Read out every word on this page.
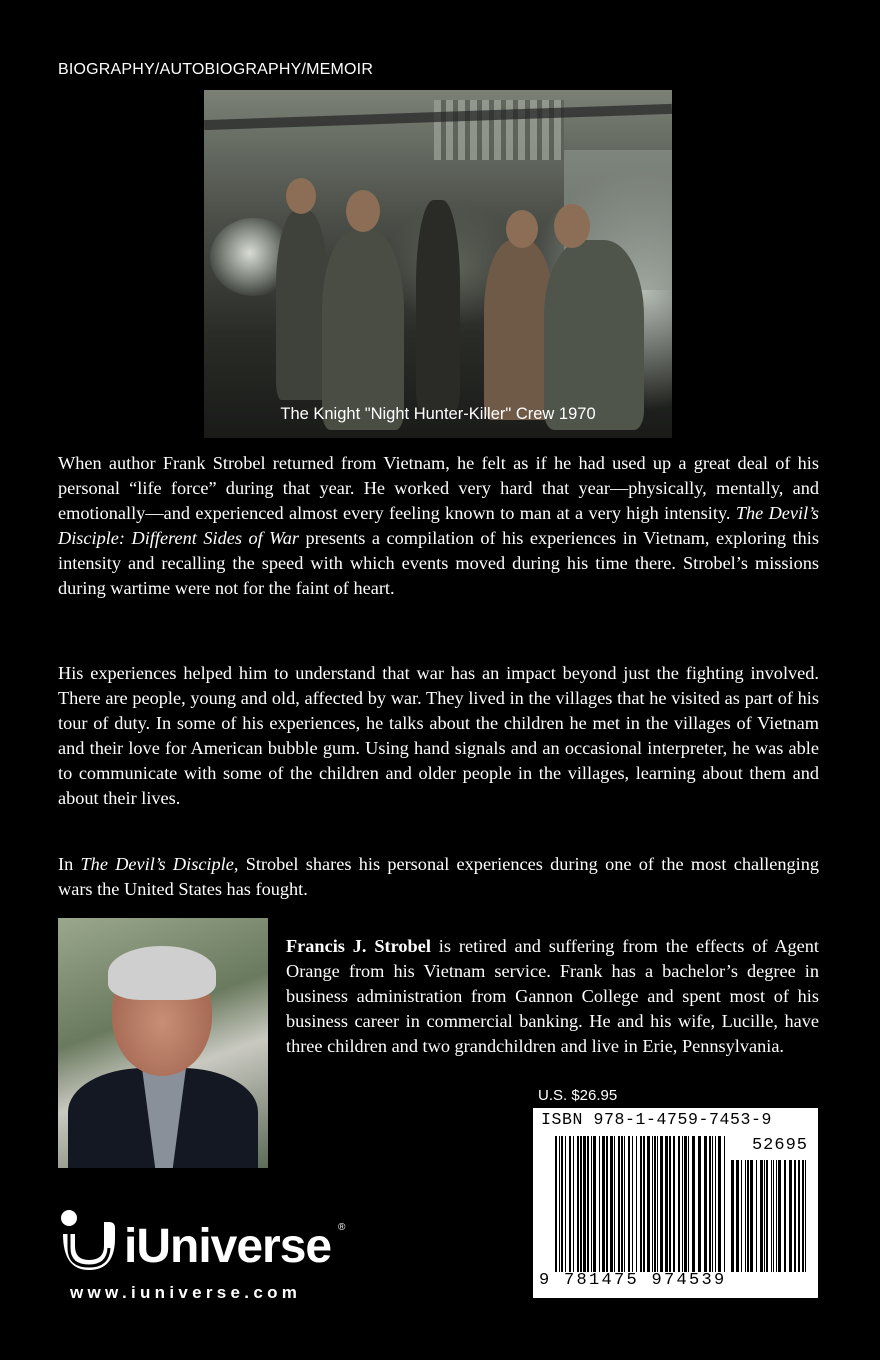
BIOGRAPHY/AUTOBIOGRAPHY/MEMOIR
The Knight "Night Hunter-Killer" Crew 1970

When author Frank Strobel returned from Vietnam, he felt as if he had used up a great deal of his personal “life force” during that year. He worked very hard that year—physically, mentally, and emotionally—and experienced almost every feeling known to man at a very high intensity. The Devil’s Disciple: Different Sides of War presents a compilation of his experiences in Vietnam, exploring this intensity and recalling the speed with which events moved during his time there. Strobel’s missions during wartime were not for the faint of heart.

His experiences helped him to understand that war has an impact beyond just the fighting involved. There are people, young and old, affected by war. They lived in the villages that he visited as part of his tour of duty. In some of his experiences, he talks about the children he met in the villages of Vietnam and their love for American bubble gum. Using hand signals and an occasional interpreter, he was able to communicate with some of the children and older people in the villages, learning about them and about their lives.

In The Devil’s Disciple, Strobel shares his personal experiences during one of the most challenging wars the United States has fought.

Francis J. Strobel is retired and suffering from the effects of Agent Orange from his Vietnam service. Frank has a bachelor’s degree in business administration from Gannon College and spent most of his business career in commercial banking. He and his wife, Lucille, have three children and two grandchildren and live in Erie, Pennsylvania.

U.S. $26.95
ISBN 978-1-4759-7453-9
52695
9 781475 974539
iUniverse ®
www.iuniverse.com
